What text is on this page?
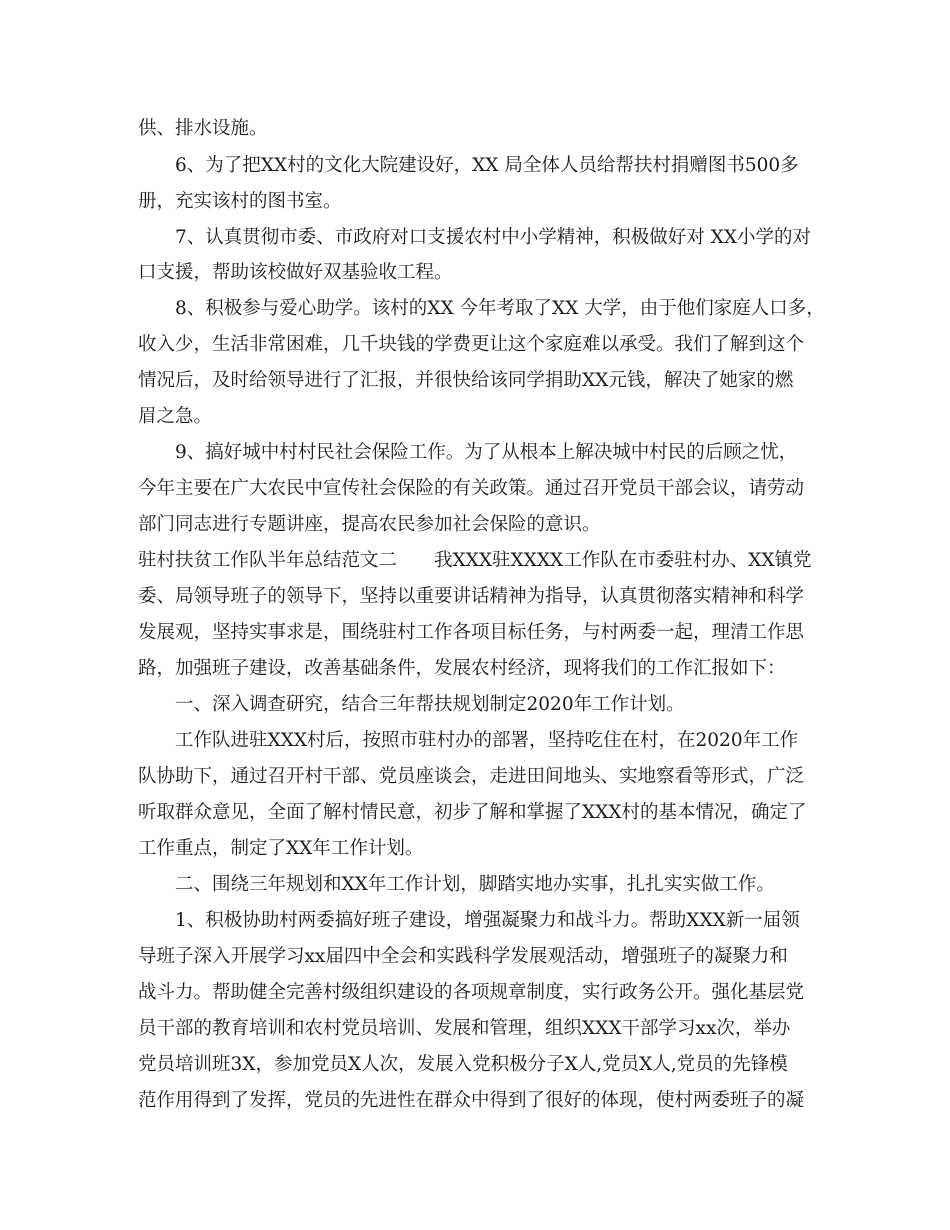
供、排水设施。
6、为了把XX村的文化大院建设好，XX 局全体人员给帮扶村捐赠图书500多
册，充实该村的图书室。
7、认真贯彻市委、市政府对口支援农村中小学精神，积极做好对 XX小学的对
口支援，帮助该校做好双基验收工程。
8、积极参与爱心助学。该村的XX 今年考取了XX 大学，由于他们家庭人口多，
收入少，生活非常困难，几千块钱的学费更让这个家庭难以承受。我们了解到这个
情况后，及时给领导进行了汇报，并很快给该同学捐助XX元钱，解决了她家的燃
眉之急。
9、搞好城中村村民社会保险工作。为了从根本上解决城中村民的后顾之忧，
今年主要在广大农民中宣传社会保险的有关政策。通过召开党员干部会议，请劳动
部门同志进行专题讲座，提高农民参加社会保险的意识。
驻村扶贫工作队半年总结范文二　　我XXX驻XXXX工作队在市委驻村办、XX镇党
委、局领导班子的领导下，坚持以重要讲话精神为指导，认真贯彻落实精神和科学
发展观，坚持实事求是，围绕驻村工作各项目标任务，与村两委一起，理清工作思
路，加强班子建设，改善基础条件，发展农村经济，现将我们的工作汇报如下：
一、深入调查研究，结合三年帮扶规划制定2020年工作计划。
工作队进驻XXX村后，按照市驻村办的部署，坚持吃住在村，在2020年工作
队协助下，通过召开村干部、党员座谈会，走进田间地头、实地察看等形式，广泛
听取群众意见，全面了解村情民意，初步了解和掌握了XXX村的基本情况，确定了
工作重点，制定了XX年工作计划。
二、围绕三年规划和XX年工作计划，脚踏实地办实事，扎扎实实做工作。
1、积极协助村两委搞好班子建设，增强凝聚力和战斗力。帮助XXX新一届领
导班子深入开展学习xx届四中全会和实践科学发展观活动，增强班子的凝聚力和
战斗力。帮助健全完善村级组织建设的各项规章制度，实行政务公开。强化基层党
员干部的教育培训和农村党员培训、发展和管理，组织XXX干部学习xx次，举办
党员培训班3X，参加党员X人次，发展入党积极分子X人,党员X人,党员的先锋模
范作用得到了发挥，党员的先进性在群众中得到了很好的体现，使村两委班子的凝
